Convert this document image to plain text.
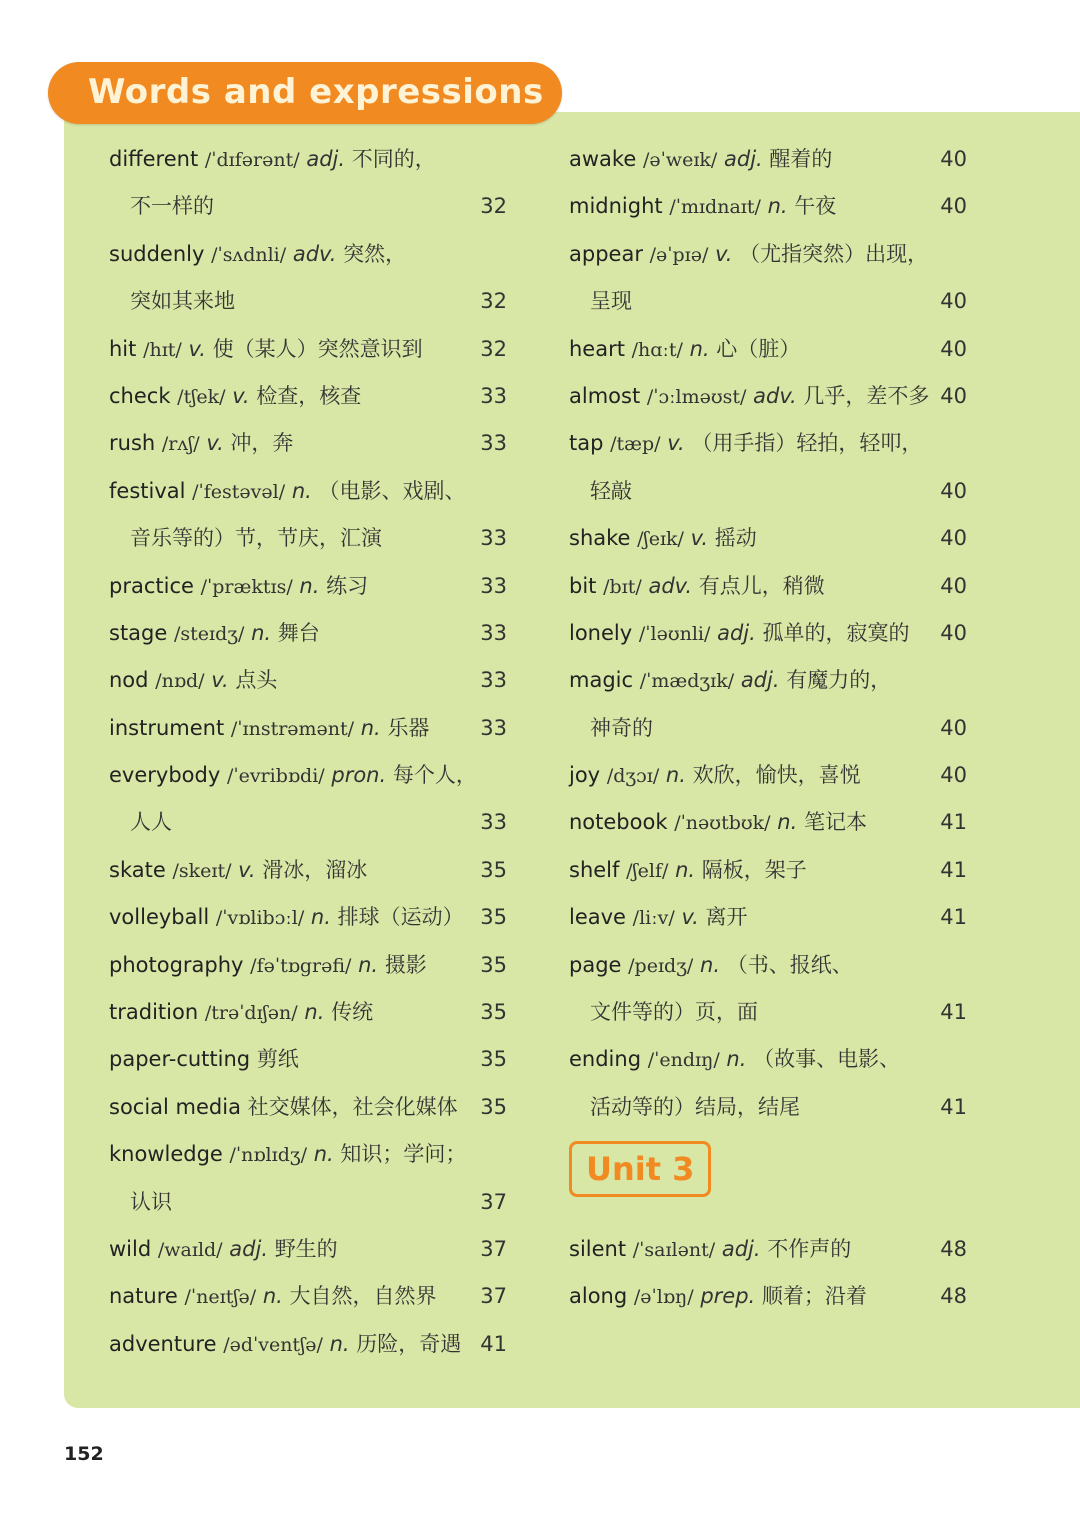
Words and expressions
different /ˈdɪfərənt/ adj. 不同的，
不一样的	32
suddenly /ˈsʌdnli/ adv. 突然，
突如其来地	32
hit /hɪt/ v. 使（某人）突然意识到	32
check /tʃek/ v. 检查，核查	33
rush /rʌʃ/ v. 冲，奔	33
festival /ˈfestəvəl/ n. （电影、戏剧、
音乐等的）节，节庆，汇演	33
practice /ˈpræktɪs/ n. 练习	33
stage /steɪdʒ/ n. 舞台	33
nod /nɒd/ v. 点头	33
instrument /ˈɪnstrəmənt/ n. 乐器 33
everybody /ˈevribɒdi/ pron. 每个人，
人人	33
skate /skeɪt/ v. 滑冰，溜冰	35
volleyball /ˈvɒlibɔːl/ n. 排球（运动） 35
photography /fəˈtɒgrəfi/ n. 摄影	35
tradition /trəˈdɪʃən/ n. 传统	35
paper-cutting 剪纸	35
social media 社交媒体，社会化媒体 35
knowledge /ˈnɒlɪdʒ/ n. 知识；学问；
认识	37
wild /waɪld/ adj. 野生的	37
nature /ˈneɪtʃə/ n. 大自然，自然界 37
adventure /ədˈventʃə/ n. 历险，奇遇 41
awake /əˈweɪk/ adj. 醒着的	40
midnight /ˈmɪdnaɪt/ n. 午夜	40
appear /əˈpɪə/ v. （尤指突然）出现，
呈现	40
heart /hɑːt/ n. 心（脏）	40
almost /ˈɔːlməʊst/ adv. 几乎，差不多 40
tap /tæp/ v. （用手指）轻拍，轻叩，
轻敲	40
shake /ʃeɪk/ v. 摇动	40
bit /bɪt/ adv. 有点儿，稍微	40
lonely /ˈləʊnli/ adj. 孤单的，寂寞的 40
magic /ˈmædʒɪk/ adj. 有魔力的，
神奇的	40
joy /dʒɔɪ/ n. 欢欣，愉快，喜悦	40
notebook /ˈnəʊtbʊk/ n. 笔记本	41
shelf /ʃelf/ n. 隔板，架子	41
leave /liːv/ v. 离开	41
page /peɪdʒ/ n. （书、报纸、
文件等的）页，面	41
ending /ˈendɪŋ/ n. （故事、电影、
活动等的）结局，结尾	41
Unit 3
silent /ˈsaɪlənt/ adj. 不作声的	48
along /əˈlɒŋ/ prep. 顺着；沿着	48
152
